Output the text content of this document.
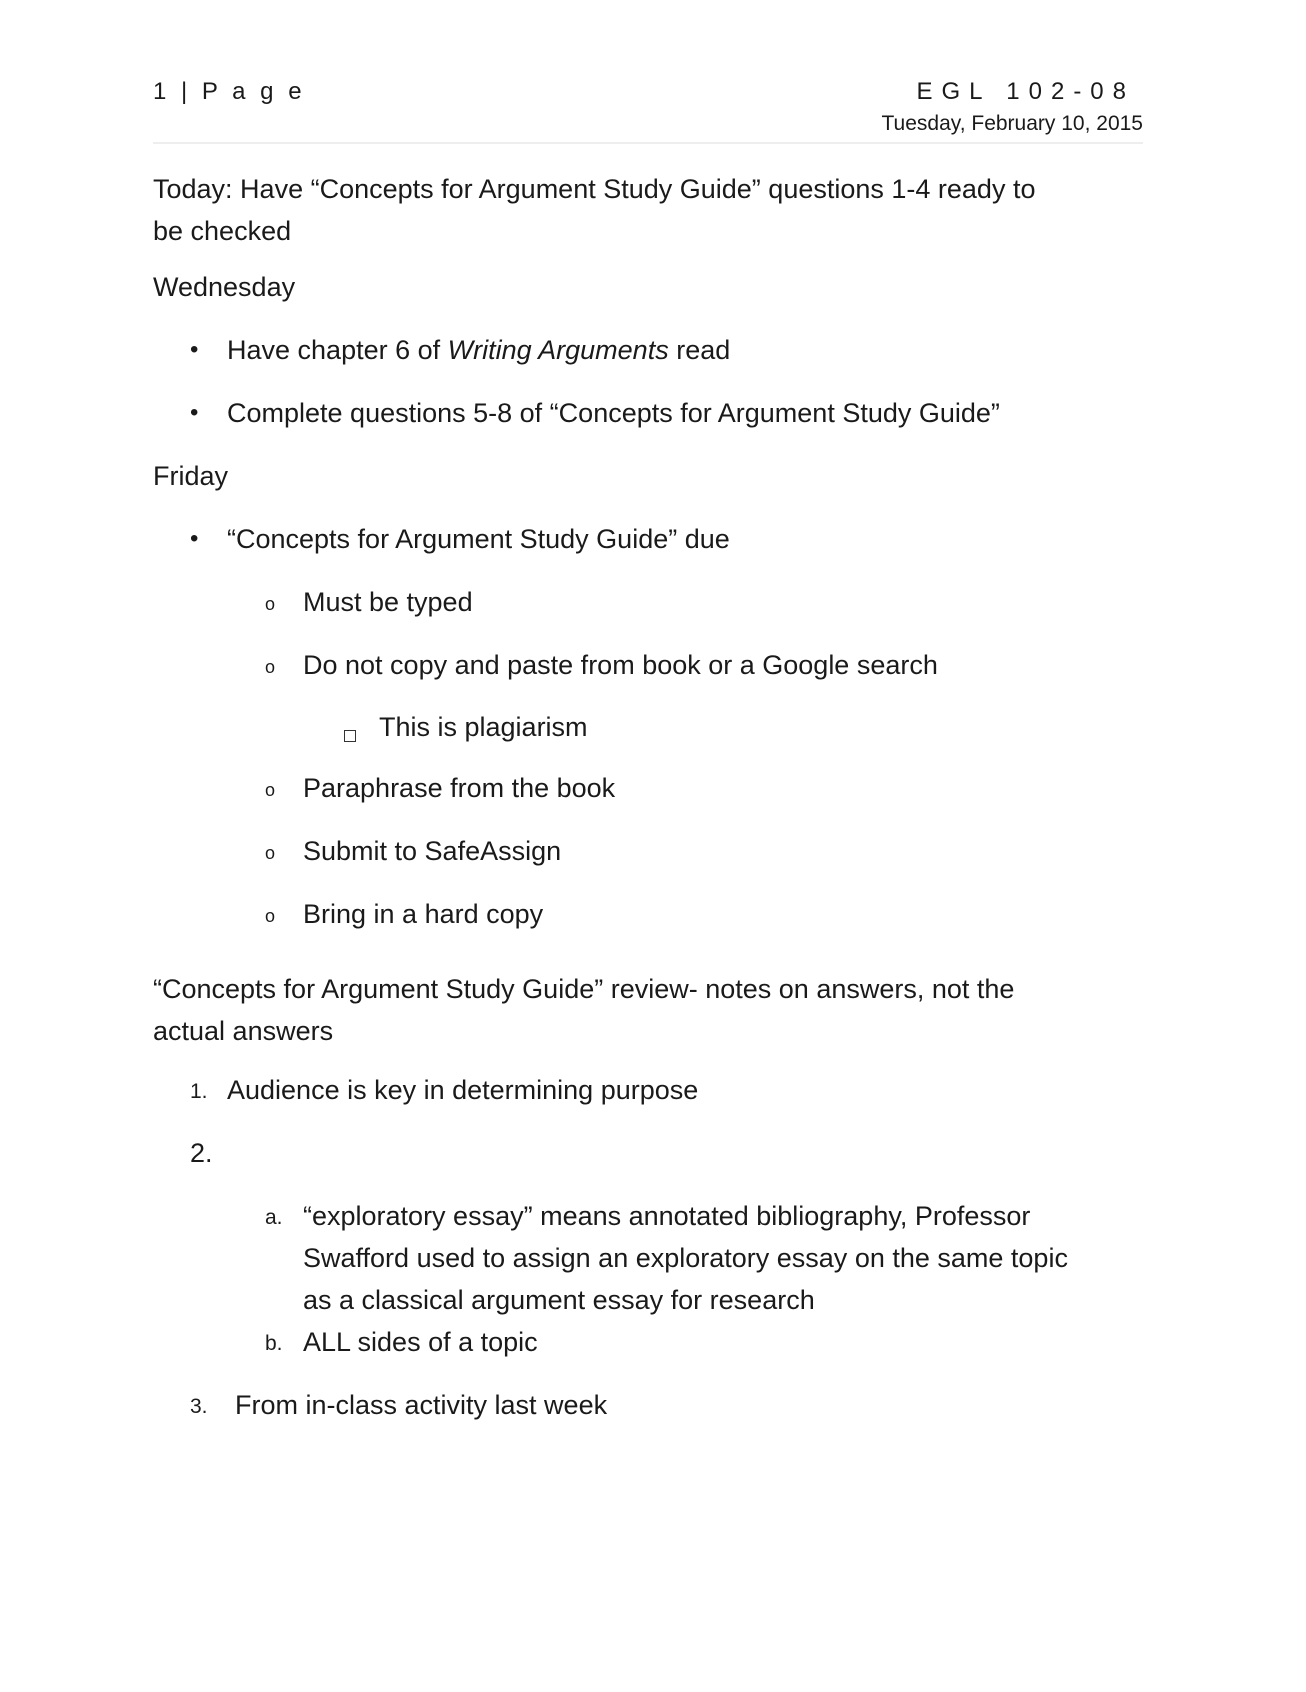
1 | P a g e	EGL 102-08
Tuesday, February 10, 2015
Today: Have “Concepts for Argument Study Guide” questions 1-4 ready to
be checked
Wednesday
• Have chapter 6 of Writing Arguments read
• Complete questions 5-8 of “Concepts for Argument Study Guide”
Friday
• “Concepts for Argument Study Guide” due
o Must be typed
o Do not copy and paste from book or a Google search
This is plagiarism
o Paraphrase from the book
o Submit to SafeAssign
o Bring in a hard copy
“Concepts for Argument Study Guide” review- notes on answers, not the
actual answers
1. Audience is key in determining purpose
2.
a. “exploratory essay” means annotated bibliography, Professor
Swafford used to assign an exploratory essay on the same topic
as a classical argument essay for research
b. ALL sides of a topic
3. From in-class activity last week
